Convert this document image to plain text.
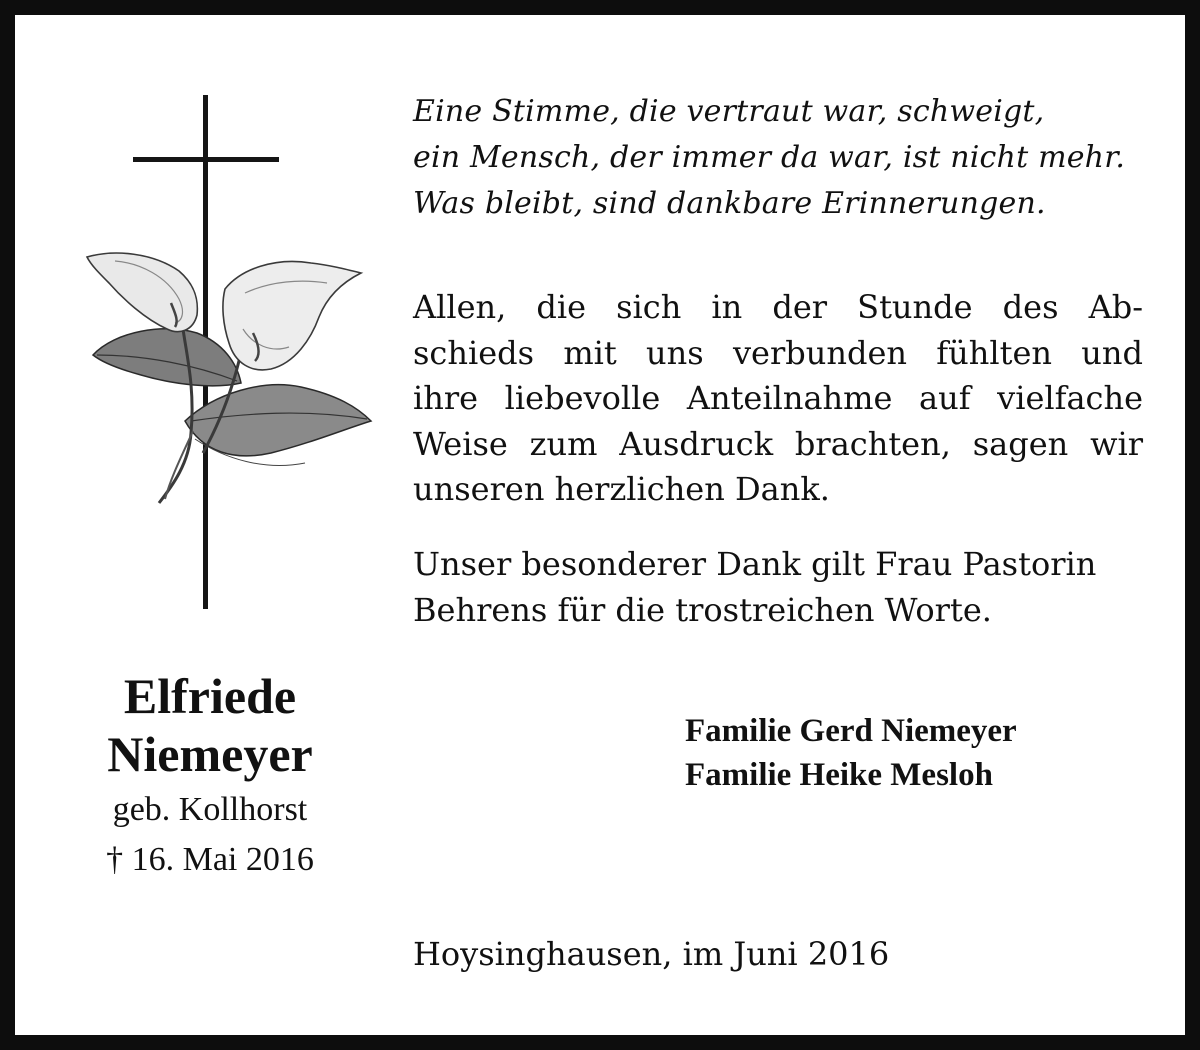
Eine Stimme, die vertraut war, schweigt,
ein Mensch, der immer da war, ist nicht mehr.
Was bleibt, sind dankbare Erinnerungen.
Allen, die sich in der Stunde des Ab-
schieds mit uns verbunden fühlten und
ihre liebevolle Anteilnahme auf vielfache
Weise zum Ausdruck brachten, sagen wir
unseren herzlichen Dank.
Unser besonderer Dank gilt Frau Pastorin
Behrens für die trostreichen Worte.
Familie Gerd Niemeyer
Familie Heike Mesloh
Elfriede
Niemeyer
geb. Kollhorst
† 16. Mai 2016
Hoysinghausen, im Juni 2016
